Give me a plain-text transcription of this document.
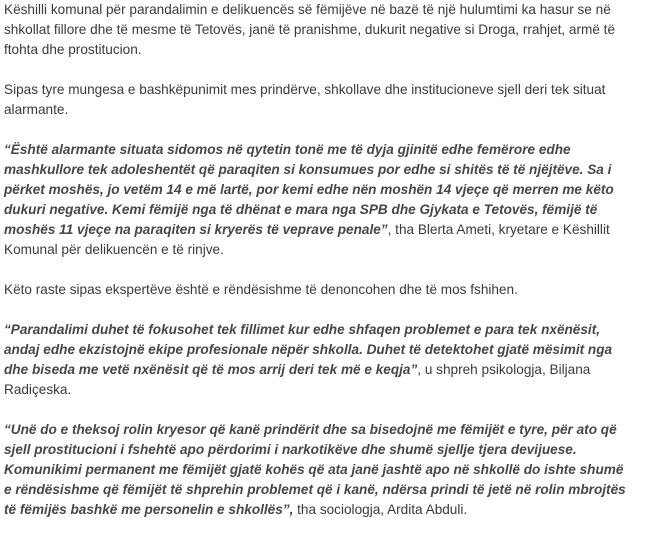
Këshilli komunal për parandalimin e delikuencës së fëmijëve në bazë të një hulumtimi ka hasur se në
shkollat fillore dhe të mesme të Tetovës, janë të pranishme, dukurit negative si Droga, rrahjet, armë të
ftohta dhe prostitucion.

Sipas tyre mungesa e bashkëpunimit mes prindërve, shkollave dhe institucioneve sjell deri tek situat
alarmante.

“Është alarmante situata sidomos në qytetin tonë me të dyja gjinitë edhe femërore edhe
mashkullore tek adoleshentët që paraqiten si konsumues por edhe si shitës të të njëjtëve. Sa i
përket moshës, jo vetëm 14 e më lartë, por kemi edhe nën moshën 14 vjeçe që merren me këto
dukuri negative. Kemi fëmijë nga të dhënat e mara nga SPB dhe Gjykata e Tetovës, fëmijë të
moshës 11 vjeçe na paraqiten si kryerës të veprave penale”, tha Blerta Ameti, kryetare e Këshillit
Komunal për delikuencën e të rinjve.

Këto raste sipas ekspertëve është e rëndësishme të denoncohen dhe të mos fshihen.

“Parandalimi duhet të fokusohet tek fillimet kur edhe shfaqen problemet e para tek nxënësit,
andaj edhe ekzistojnë ekipe profesionale nëpër shkolla. Duhet të detektohet gjatë mësimit nga
dhe biseda me vetë nxënësit që të mos arrij deri tek më e keqja”, u shpreh psikologja, Biljana
Radiçeska.

“Unë do e theksoj rolin kryesor që kanë prindërit dhe sa bisedojnë me fëmijët e tyre, për ato që
sjell prostitucioni i fshehtë apo përdorimi i narkotikëve dhe shumë sjellje tjera devijuese.
Komunikimi permanent me fëmijët gjatë kohës që ata janë jashtë apo në shkollë do ishte shumë
e rëndësishme që fëmijët të shprehin problemet që i kanë, ndërsa prindi të jetë në rolin mbrojtës
të fëmijës bashkë me personelin e shkollës”, tha sociologja, Ardita Abduli.
